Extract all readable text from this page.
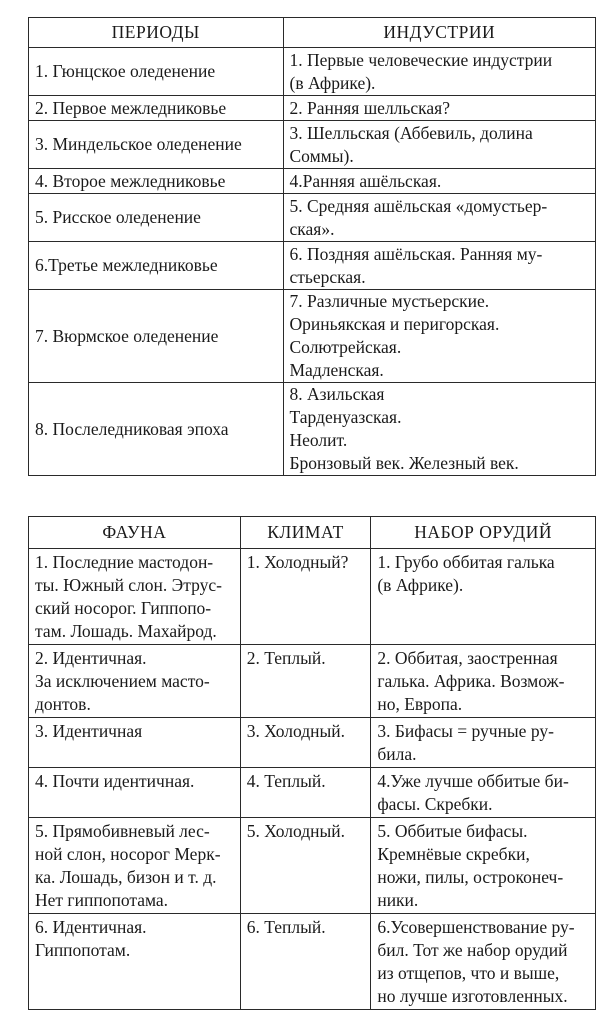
ПЕРИОДЫ	ИНДУСТРИИ

1. Гюнцское оледенение	1. Первые человеческие индустрии
(в Африке).

2. Первое межледниковье	2. Ранняя шелльская?

3. Миндельское оледенение	3. Шелльская (Аббевиль, долина
Соммы).

4. Второе межледниковье	4.Ранняя ашёльская.

5. Рисское оледенение	5. Средняя ашёльская «домустьер-
ская».

6.Третье межледниковье	6. Поздняя ашёльская. Ранняя му-
стьерская.

7. Вюрмское оледенение	7. Различные мустьерские.
Ориньякская и перигорская.
Солютрейская.
Мадленская.

8. Послеледниковая эпоха	8. Азильская
Тарденуазская.
Неолит.
Бронзовый век. Железный век.
ФАУНА	КЛИМАТ	НАБОР ОРУДИЙ

1. Последние мастодон-
ты. Южный слон. Этрус-
ский носорог. Гиппопо-
там. Лошадь. Махайрод.	1. Холодный?	1. Грубо оббитая галька
(в Африке).

2. Идентичная.
За исключением масто-
донтов.	2. Теплый.	2. Оббитая, заостренная
галька. Африка. Возмож-
но, Европа.

3. Идентичная	3. Холодный.	3. Бифасы = ручные ру-
била.

4. Почти идентичная.	4. Теплый.	4.Уже лучше оббитые би-
фасы. Скребки.

5. Прямобивневый лес-
ной слон, носорог Мерк-
ка. Лошадь, бизон и т. д.
Нет гиппопотама.	5. Холодный.	5. Оббитые бифасы.
Кремнёвые скребки,
ножи, пилы, остроконеч-
ники.

6. Идентичная.
Гиппопотам.	6. Теплый.	6.Усовершенствование ру-
бил. Тот же набор орудий
из отщепов, что и выше,
но лучше изготовленных.
